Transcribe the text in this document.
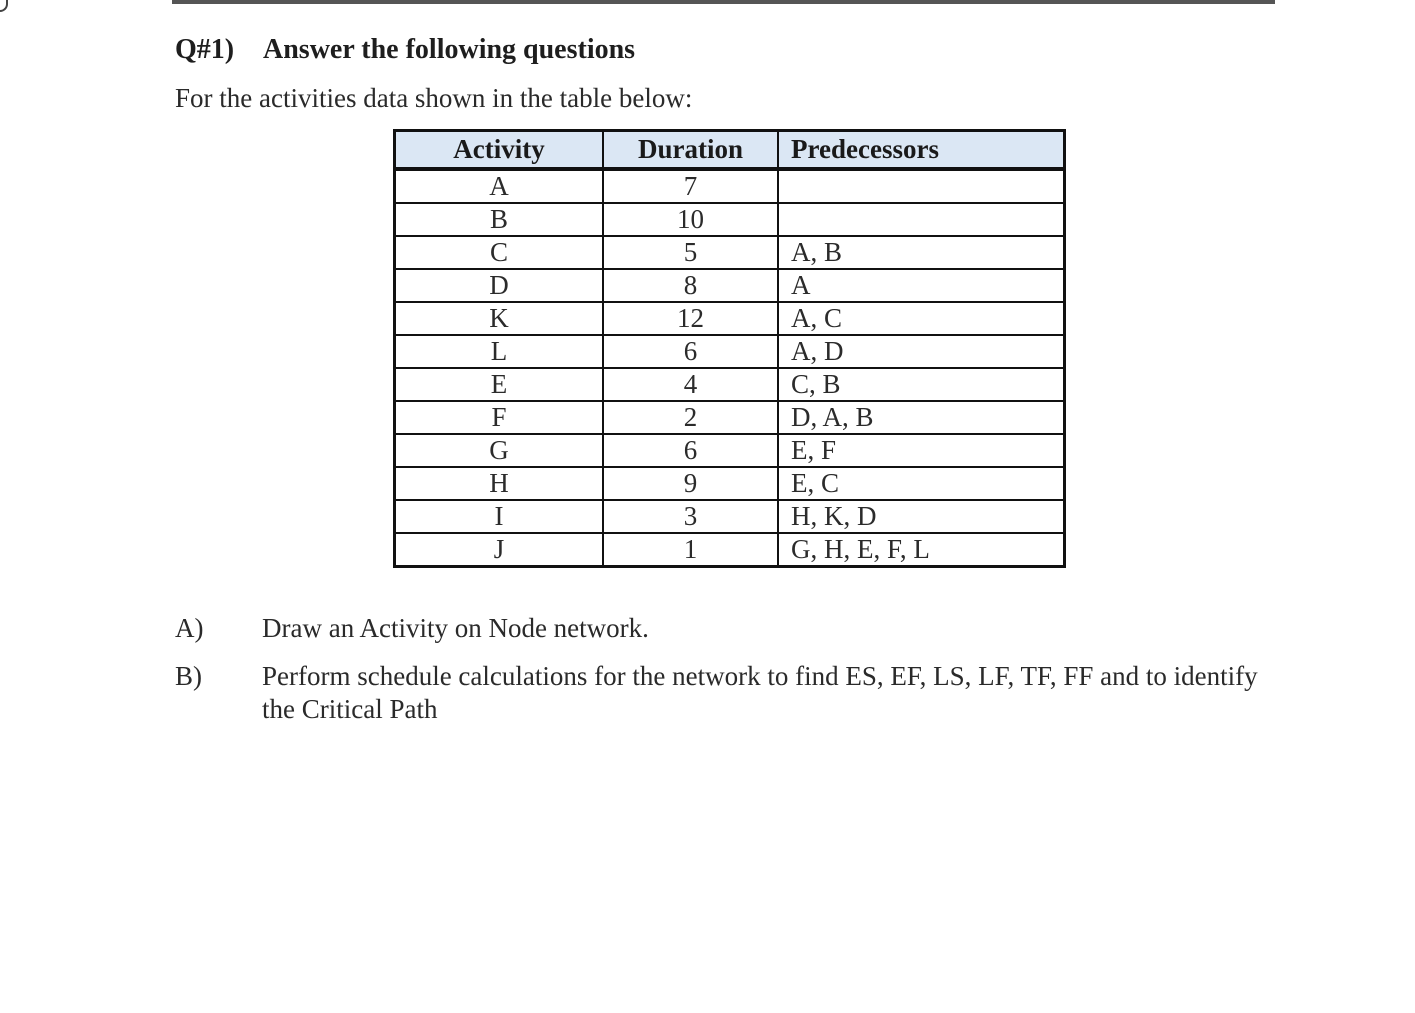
Q#1) Answer the following questions
For the activities data shown in the table below:
Activity	Duration	Predecessors
A	7	
B	10	
C	5	A, B
D	8	A
K	12	A, C
L	6	A, D
E	4	C, B
F	2	D, A, B
G	6	E, F
H	9	E, C
I	3	H, K, D
J	1	G, H, E, F, L
A) Draw an Activity on Node network.
B) Perform schedule calculations for the network to find ES, EF, LS, LF, TF, FF and to identify the Critical Path
